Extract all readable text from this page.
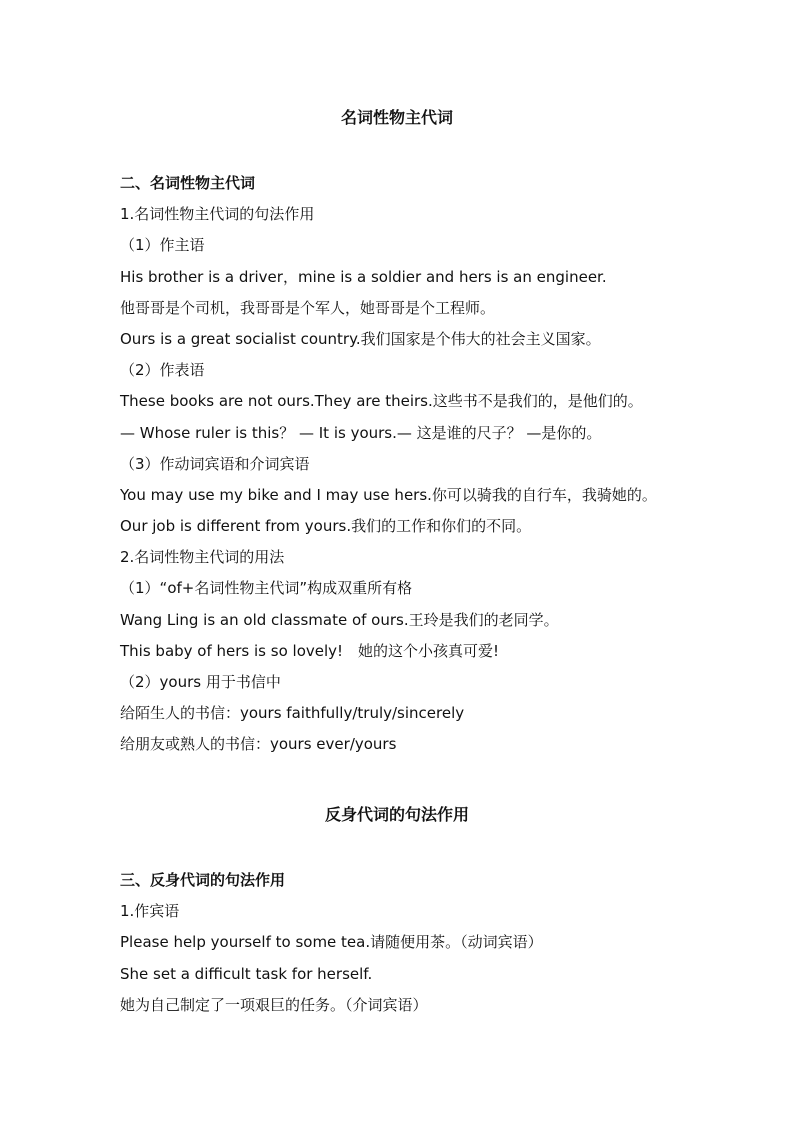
名词性物主代词
二、名词性物主代词
1.名词性物主代词的句法作用
（1）作主语
His brother is a driver，mine is a soldier and hers is an engineer.
他哥哥是个司机，我哥哥是个军人，她哥哥是个工程师。
Ours is a great socialist country.我们国家是个伟大的社会主义国家。
（2）作表语
These books are not ours.They are theirs.这些书不是我们的，是他们的。
— Whose ruler is this？ — It is yours.— 这是谁的尺子？ —是你的。
（3）作动词宾语和介词宾语
You may use my bike and I may use hers.你可以骑我的自行车，我骑她的。
Our job is different from yours.我们的工作和你们的不同。
2.名词性物主代词的用法
（1）“of+名词性物主代词”构成双重所有格
Wang Ling is an old classmate of ours.王玲是我们的老同学。
This baby of hers is so lovely!　她的这个小孩真可爱!
（2）yours 用于书信中
给陌生人的书信：yours faithfully/truly/sincerely
给朋友或熟人的书信：yours ever/yours
反身代词的句法作用
三、反身代词的句法作用
1.作宾语
Please help yourself to some tea.请随便用茶。（动词宾语）
She set a difficult task for herself.
她为自己制定了一项艰巨的任务。（介词宾语）
